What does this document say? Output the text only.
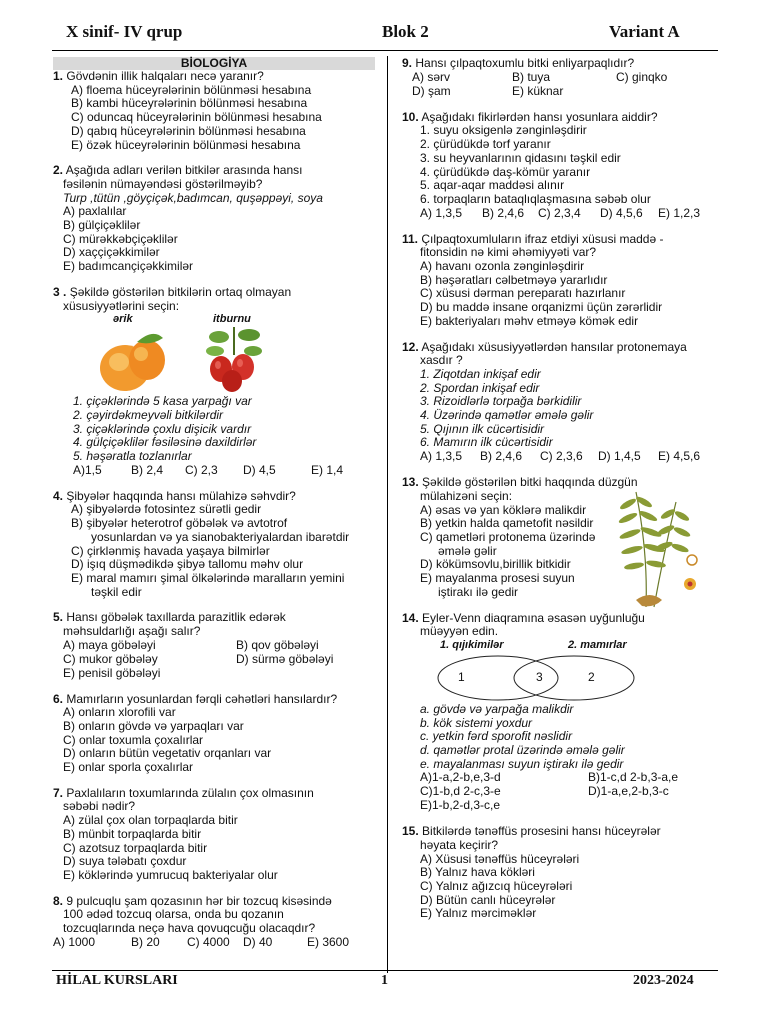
X sinif- IV qrup	Blok 2	Variant A
BİOLOGİYA
1. Gövdənin illik halqaları necə yaranır?
A) floema hüceyrələrinin bölünməsi hesabına
B) kambi hüceyrələrinin bölünməsi hesabına
C) oduncaq hüceyrələrinin bölünməsi hesabına
D) qabıq hüceyrələrinin bölünməsi hesabına
E) özək hüceyrələrinin bölünməsi hesabına
2. Aşağıda adları verilən bitkilər arasında hansı
fəsilənin nümayəndəsi göstərilməyib?
Turp ,tütün ,göyçiçək,badımcan, quşəppəyi, soya
A) paxlalılar
B) gülçiçəklilər
C) mürəkkəbçiçəklilər
D) xaççiçəkkimilər
E) badımcançiçəkkimilər
3 . Şəkildə göstərilən bitkilərin ortaq olmayan
xüsusiyyətlərini seçin:
ərik	itburnu
1. çiçəklərində 5 kasa yarpağı var
2. çəyirdəkmeyvəli bitkilərdir
3. çiçəklərində çoxlu dişicik vardır
4. gülçiçəklilər fəsiləsinə daxildirlər
5. həşəratla tozlanırlar
A)1,5 B) 2,4 C) 2,3 D) 4,5	E) 1,4
4. Şibyələr haqqında hansı mülahizə səhvdir?
A) şibyələrdə fotosintez sürətli gedir
B) şibyələr heterotrof göbələk və avtotrof
yosunlardan və ya sianobakteriyalardan ibarətdir
C) çirklənmiş havada yaşaya bilmirlər
D) işıq düşmədikdə şibyə tallomu məhv olur
E) maral mamırı şimal ölkələrində maralların yemini
təşkil edir
5. Hansı göbələk taxıllarda parazitlik edərək
məhsuldarlığı aşağı salır?
A) maya göbələyi	B) qov göbələyi
C) mukor göbələy	D) sürmə göbələyi
E) penisil göbələyi
6. Mamırların yosunlardan fərqli cəhətləri hansılardır?
A) onların xlorofili var
B) onların gövdə və yarpaqları var
C) onlar toxumla çoxalırlar
D) onların bütün vegetativ orqanları var
E) onlar sporla çoxalırlar
7. Paxlalıların toxumlarında zülalın çox olmasının
səbəbi nədir?
A) zülal çox olan torpaqlarda bitir
B) münbit torpaqlarda bitir
C) azotsuz torpaqlarda bitir
D) suya tələbatı çoxdur
E) köklərində yumrucuq bakteriyalar olur
8. 9 pulcuqlu şam qozasının hər bir tozcuq kisəsində
100 ədəd tozcuq olarsa, onda bu qozanın
tozcuqlarında neçə hava qovuqcuğu olacaqdır?
A) 1000	B) 20 C) 4000 D) 40	E) 3600
9. Hansı çılpaqtoxumlu bitki enliyarpaqlıdır?
A) sərv	B) tuya	C) ginqko
D) şam	E) küknar
10. Aşağıdakı fikirlərdən hansı yosunlara aiddir?
1. suyu oksigenlə zənginləşdirir
2. çürüdükdə torf yaranır
3. su heyvanlarının qidasını təşkil edir
4. çürüdükdə daş-kömür yaranır
5. aqar-aqar maddəsi alınır
6. torpaqların bataqlıqlaşmasına səbəb olur
A) 1,3,5 B) 2,4,6 C) 2,3,4 D) 4,5,6 E) 1,2,3
11. Çılpaqtoxumluların ifraz etdiyi xüsusi maddə -
fitonsidin nə kimi əhəmiyyəti var?
A) havanı ozonla zənginləşdirir
B) həşəratları cəlbetməyə yararlıdır
C) xüsusi dərman pereparatı hazırlanır
D) bu maddə insane orqanizmi üçün zərərlidir
E) bakteriyaları məhv etməyə kömək edir
12. Aşağıdakı xüsusiyyətlərdən hansılar protonemaya
xasdır ?
1. Ziqotdan inkişaf edir
2. Spordan inkişaf edir
3. Rizoidlərlə torpağa bərkidilir
4. Üzərində qamətlər əmələ gəlir
5. Qıjının ilk cücərtisidir
6. Mamırın ilk cücərtisidir
A) 1,3,5 B) 2,4,6 C) 2,3,6 D) 1,4,5 E) 4,5,6
13. Şəkildə göstərilən bitki haqqında düzgün
mülahizəni seçin:
A) əsas və yan köklərə malikdir
B) yetkin halda qametofit nəsildir
C) qametləri protonema üzərində
əmələ gəlir
D) kökümsovlu,birillik bitkidir
E) mayalanma prosesi suyun
iştirakı ilə gedir
14. Eyler-Venn diaqramına əsasən uyğunluğu
müəyyən edin.
1. qıjıkimilər	2. mamırlar
1	3	2
a. gövdə və yarpağa malikdir
b. kök sistemi yoxdur
c. yetkin fərd sporofit nəslidir
d. qamətlər protal üzərində əmələ gəlir
e. mayalanması suyun iştirakı ilə gedir
A)1-a,2-b,e,3-d	B)1-c,d 2-b,3-a,e
C)1-b,d 2-c,3-e	D)1-a,e,2-b,3-c
E)1-b,2-d,3-c,e
15. Bitkilərdə tənəffüs prosesini hansı hüceyrələr
həyata keçirir?
A) Xüsusi tənəffüs hüceyrələri
B) Yalnız hava kökləri
C) Yalnız ağızcıq hüceyrələri
D) Bütün canlı hüceyrələr
E) Yalnız mərciməklər
HİLAL KURSLARI	1	2023-2024
